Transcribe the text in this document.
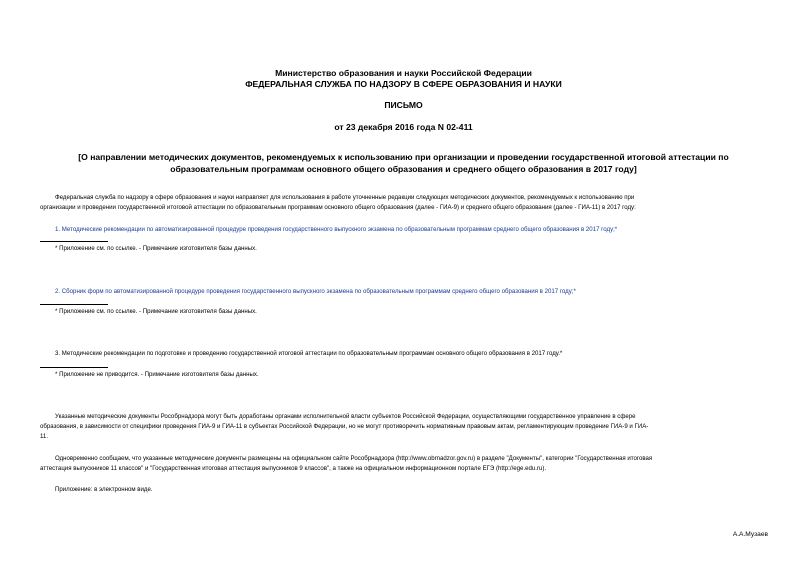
Министерство образования и науки Российской Федерации
ФЕДЕРАЛЬНАЯ СЛУЖБА ПО НАДЗОРУ В СФЕРЕ ОБРАЗОВАНИЯ И НАУКИ
ПИСЬМО
от 23 декабря 2016 года N 02-411
[О направлении методических документов, рекомендуемых к использованию при организации и проведении государственной итоговой аттестации по
образовательным программам основного общего образования и среднего общего образования в 2017 году]
Федеральная служба по надзору в сфере образования и науки направляет для использования в работе уточненные редакции следующих методических документов, рекомендуемых к использованию при
организации и проведении государственной итоговой аттестации по образовательным программам основного общего образования (далее - ГИА-9) и среднего общего образования (далее - ГИА-11) в 2017 году:
1. Методические рекомендации по автоматизированной процедуре проведения государственного выпускного экзамена по образовательным программам среднего общего образования в 2017 году;*
* Приложение см. по ссылке. - Примечание изготовителя базы данных.
2. Сборник форм по автоматизированной процедуре проведения государственного выпускного экзамена по образовательным программам среднего общего образования в 2017 году;*
* Приложение см. по ссылке. - Примечание изготовителя базы данных.
3. Методические рекомендации по подготовке и проведению государственной итоговой аттестации по образовательным программам основного общего образования в 2017 году.*
* Приложение не приводится. - Примечание изготовителя базы данных.
Указанные методические документы Рособрнадзора могут быть доработаны органами исполнительной власти субъектов Российской Федерации, осуществляющими государственное управление в сфере
образования, в зависимости от специфики проведения ГИА-9 и ГИА-11 в субъектах Российской Федерации, но не могут противоречить нормативным правовым актам, регламентирующим проведение ГИА-9 и ГИА-
11.
Одновременно сообщаем, что указанные методические документы размещены на официальном сайте Рособрнадзора (http://www.obrnadzor.gov.ru) в разделе "Документы", категории "Государственная итоговая
аттестация выпускников 11 классов" и "Государственная итоговая аттестация выпускников 9 классов", а также на официальном информационном портале ЕГЭ (http://ege.edu.ru).
Приложение: в электронном виде.
А.А.Музаев
